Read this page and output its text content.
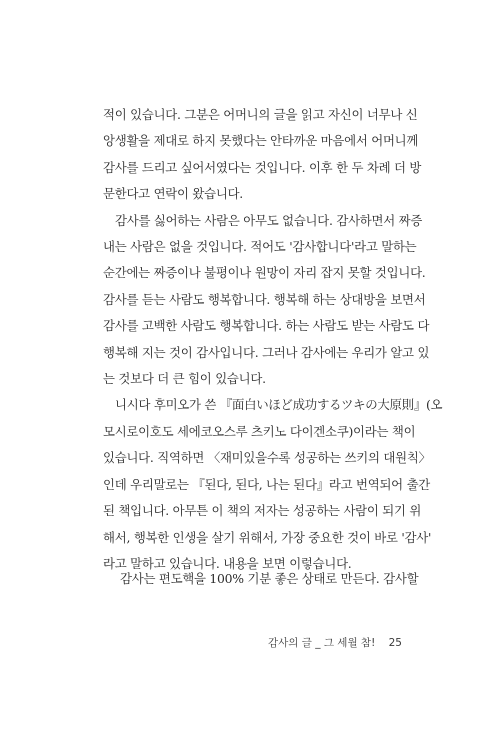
적이 있습니다. 그분은 어머니의 글을 읽고 자신이 너무나 신
앙생활을 제대로 하지 못했다는 안타까운 마음에서 어머니께
감사를 드리고 싶어서였다는 것입니다. 이후 한 두 차례 더 방
문한다고 연락이 왔습니다.
감사를 싫어하는 사람은 아무도 없습니다. 감사하면서 짜증
내는 사람은 없을 것입니다. 적어도 '감사합니다'라고 말하는
순간에는 짜증이나 불평이나 원망이 자리 잡지 못할 것입니다.
감사를 듣는 사람도 행복합니다. 행복해 하는 상대방을 보면서
감사를 고백한 사람도 행복합니다. 하는 사람도 받는 사람도 다
행복해 지는 것이 감사입니다. 그러나 감사에는 우리가 알고 있
는 것보다 더 큰 힘이 있습니다.
니시다 후미오가 쓴 『面白いほど成功するツキの大原則』(오
모시로이호도 세에코오스루 츠키노 다이겐소쿠)이라는 책이
있습니다. 직역하면 〈재미있을수록 성공하는 쓰키의 대원칙〉
인데 우리말로는 『된다, 된다, 나는 된다』라고 번역되어 출간
된 책입니다. 아무튼 이 책의 저자는 성공하는 사람이 되기 위
해서, 행복한 인생을 살기 위해서, 가장 중요한 것이 바로 '감사'
라고 말하고 있습니다. 내용을 보면 이렇습니다.
감사는 편도핵을 100% 기분 좋은 상태로 만든다. 감사할
감사의 글 _ 그 세월 참! 25
